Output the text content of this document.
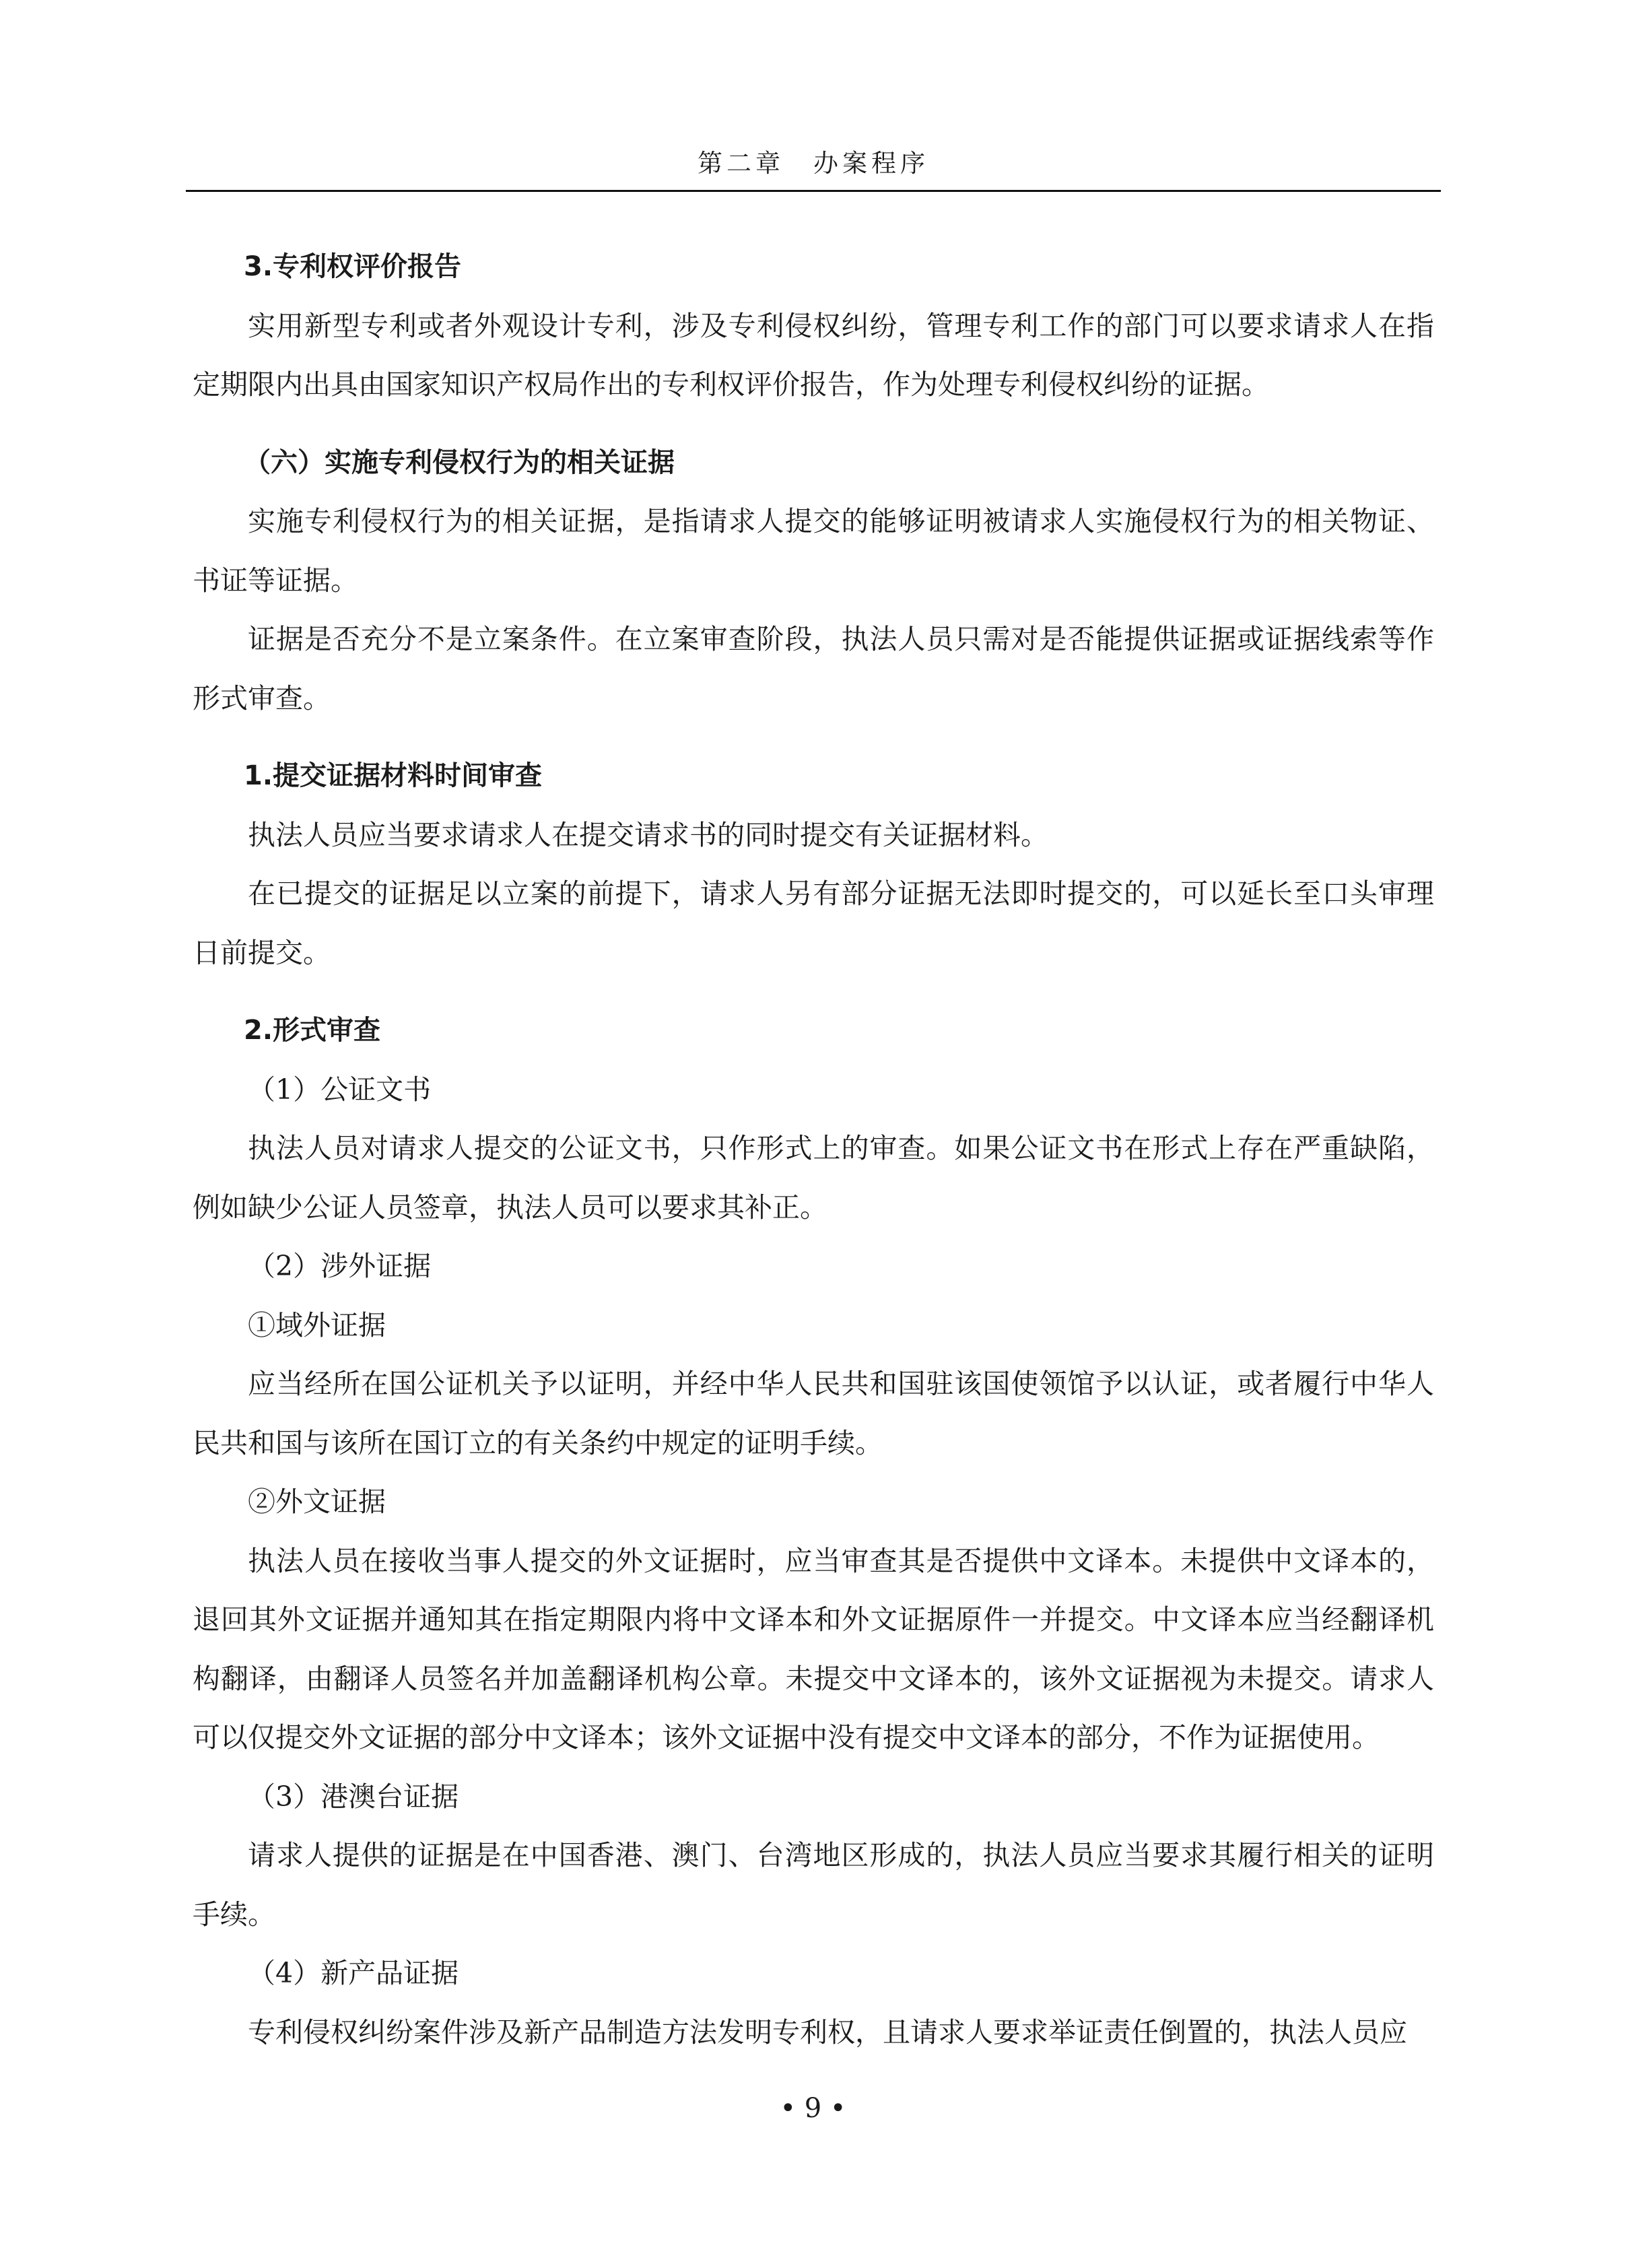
第二章　办案程序

3.专利权评价报告

实用新型专利或者外观设计专利，涉及专利侵权纠纷，管理专利工作的部门可以要求请求人在指定期限内出具由国家知识产权局作出的专利权评价报告，作为处理专利侵权纠纷的证据。

（六）实施专利侵权行为的相关证据

实施专利侵权行为的相关证据，是指请求人提交的能够证明被请求人实施侵权行为的相关物证、书证等证据。

证据是否充分不是立案条件。在立案审查阶段，执法人员只需对是否能提供证据或证据线索等作形式审查。

1.提交证据材料时间审查

执法人员应当要求请求人在提交请求书的同时提交有关证据材料。

在已提交的证据足以立案的前提下，请求人另有部分证据无法即时提交的，可以延长至口头审理日前提交。

2.形式审查

（1）公证文书

执法人员对请求人提交的公证文书，只作形式上的审查。如果公证文书在形式上存在严重缺陷，例如缺少公证人员签章，执法人员可以要求其补正。

（2）涉外证据

①域外证据

应当经所在国公证机关予以证明，并经中华人民共和国驻该国使领馆予以认证，或者履行中华人民共和国与该所在国订立的有关条约中规定的证明手续。

②外文证据

执法人员在接收当事人提交的外文证据时，应当审查其是否提供中文译本。未提供中文译本的，退回其外文证据并通知其在指定期限内将中文译本和外文证据原件一并提交。中文译本应当经翻译机构翻译，由翻译人员签名并加盖翻译机构公章。未提交中文译本的，该外文证据视为未提交。请求人可以仅提交外文证据的部分中文译本；该外文证据中没有提交中文译本的部分，不作为证据使用。

（3）港澳台证据

请求人提供的证据是在中国香港、澳门、台湾地区形成的，执法人员应当要求其履行相关的证明手续。

（4）新产品证据

专利侵权纠纷案件涉及新产品制造方法发明专利权，且请求人要求举证责任倒置的，执法人员应

• 9 •
